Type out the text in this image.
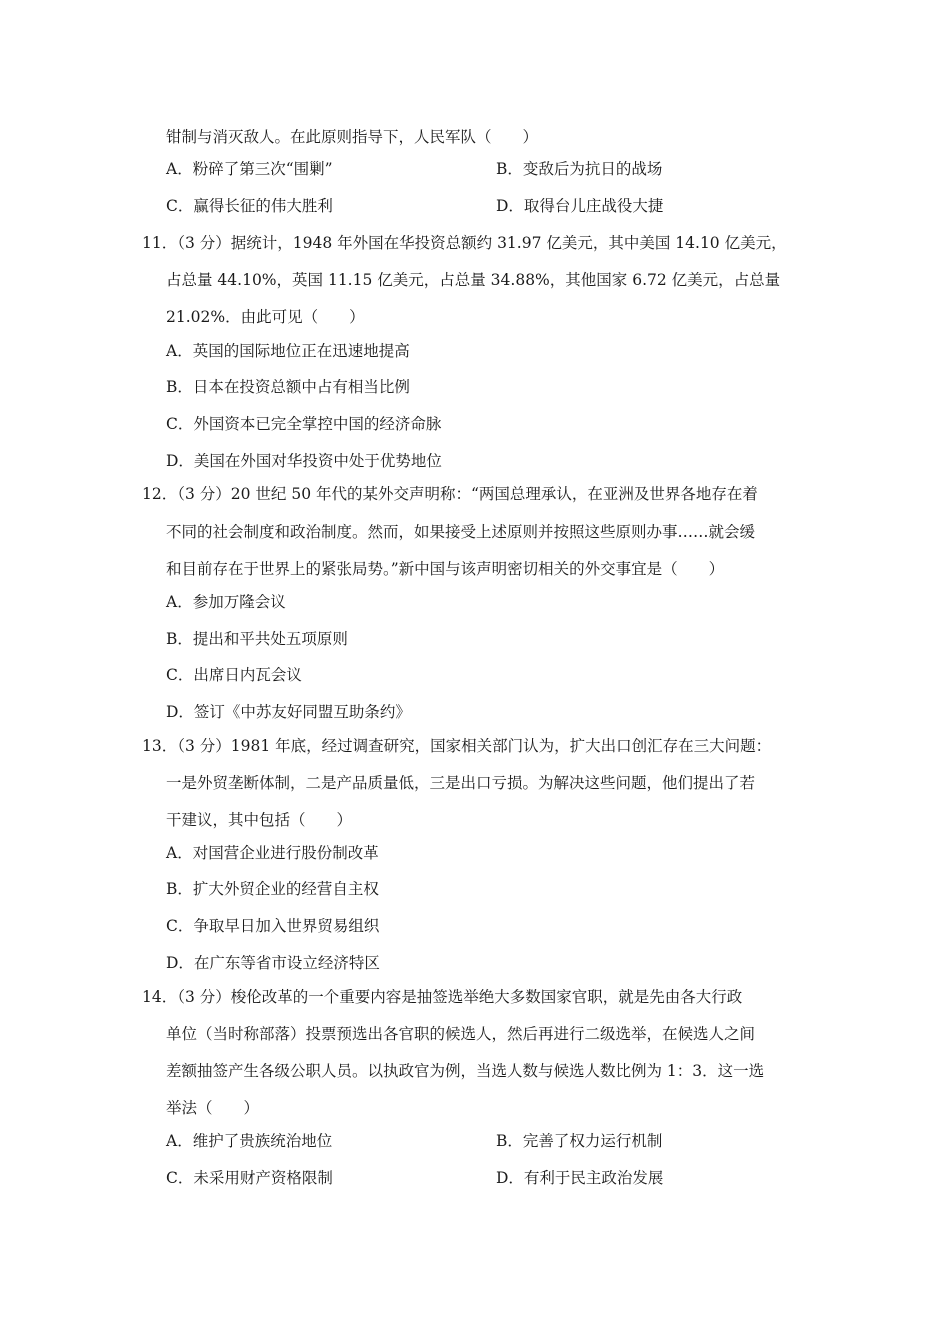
钳制与消灭敌人。在此原则指导下，人民军队（　　）
A．粉碎了第三次“围剿”	B．变敌后为抗日的战场
C．赢得长征的伟大胜利	D．取得台儿庄战役大捷
11．（3 分）据统计，1948 年外国在华投资总额约 31.97 亿美元，其中美国 14.10 亿美元，
占总量 44.10%，英国 11.15 亿美元，占总量 34.88%，其他国家 6.72 亿美元，占总量
21.02%．由此可见（　　）
A．英国的国际地位正在迅速地提高
B．日本在投资总额中占有相当比例
C．外国资本已完全掌控中国的经济命脉
D．美国在外国对华投资中处于优势地位
12．（3 分）20 世纪 50 年代的某外交声明称：“两国总理承认，在亚洲及世界各地存在着
不同的社会制度和政治制度。然而，如果接受上述原则并按照这些原则办事……就会缓
和目前存在于世界上的紧张局势。”新中国与该声明密切相关的外交事宜是（　　）
A．参加万隆会议
B．提出和平共处五项原则
C．出席日内瓦会议
D．签订《中苏友好同盟互助条约》
13．（3 分）1981 年底，经过调查研究，国家相关部门认为，扩大出口创汇存在三大问题：
一是外贸垄断体制，二是产品质量低，三是出口亏损。为解决这些问题，他们提出了若
干建议，其中包括（　　）
A．对国营企业进行股份制改革
B．扩大外贸企业的经营自主权
C．争取早日加入世界贸易组织
D．在广东等省市设立经济特区
14．（3 分）梭伦改革的一个重要内容是抽签选举绝大多数国家官职，就是先由各大行政
单位（当时称部落）投票预选出各官职的候选人，然后再进行二级选举，在候选人之间
差额抽签产生各级公职人员。以执政官为例，当选人数与候选人数比例为 1：3．这一选
举法（　　）
A．维护了贵族统治地位	B．完善了权力运行机制
C．未采用财产资格限制	D．有利于民主政治发展
